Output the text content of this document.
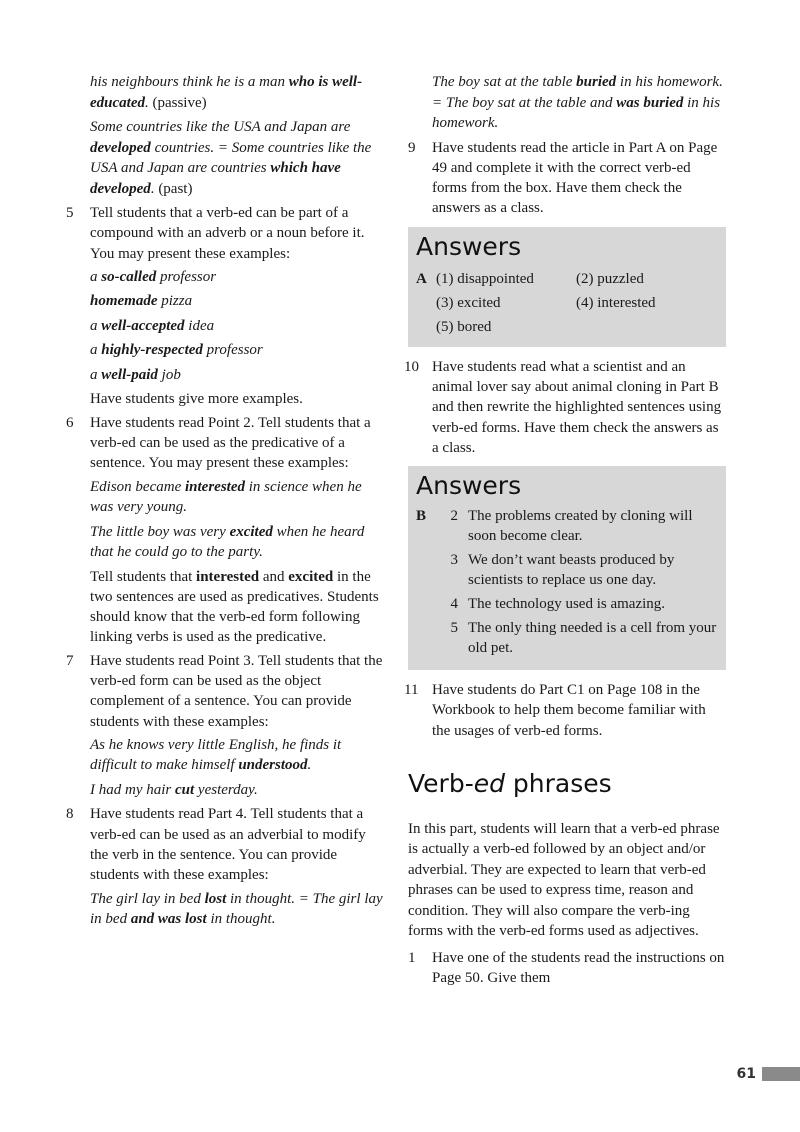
his neighbours think he is a man who is well-educated. (passive)

Some countries like the USA and Japan are developed countries. = Some countries like the USA and Japan are countries which have developed. (past)

5 Tell students that a verb-ed can be part of a compound with an adverb or a noun before it. You may present these examples:

a so-called professor

homemade pizza

a well-accepted idea

a highly-respected professor

a well-paid job

Have students give more examples.

6 Have students read Point 2. Tell students that a verb-ed can be used as the predicative of a sentence. You may present these examples:

Edison became interested in science when he was very young.

The little boy was very excited when he heard that he could go to the party.

Tell students that interested and excited in the two sentences are used as predicatives. Students should know that the verb-ed form following linking verbs is used as the predicative.

7 Have students read Point 3. Tell students that the verb-ed form can be used as the object complement of a sentence. You can provide students with these examples:

As he knows very little English, he finds it difficult to make himself understood.

I had my hair cut yesterday.

8 Have students read Part 4. Tell students that a verb-ed can be used as an adverbial to modify the verb in the sentence. You can provide students with these examples:

The girl lay in bed lost in thought. = The girl lay in bed and was lost in thought.

The boy sat at the table buried in his homework. = The boy sat at the table and was buried in his homework.

9 Have students read the article in Part A on Page 49 and complete it with the correct verb-ed forms from the box. Have them check the answers as a class.
Answers
A (1) disappointed	(2) puzzled
(3) excited	(4) interested
(5) bored
10 Have students read what a scientist and an animal lover say about animal cloning in Part B and then rewrite the highlighted sentences using verb-ed forms. Have them check the answers as a class.
Answers
B	2 The problems created by cloning will soon become clear.
3 We don’t want beasts produced by scientists to replace us one day.
4 The technology used is amazing.
5 The only thing needed is a cell from your old pet.
11 Have students do Part C1 on Page 108 in the Workbook to help them become familiar with the usages of verb-ed forms.
Verb-ed phrases

In this part, students will learn that a verb-ed phrase is actually a verb-ed followed by an object and/or adverbial. They are expected to learn that verb-ed phrases can be used to express time, reason and condition. They will also compare the verb-ing forms with the verb-ed forms used as adjectives.

1 Have one of the students read the instructions on Page 50. Give them
61
